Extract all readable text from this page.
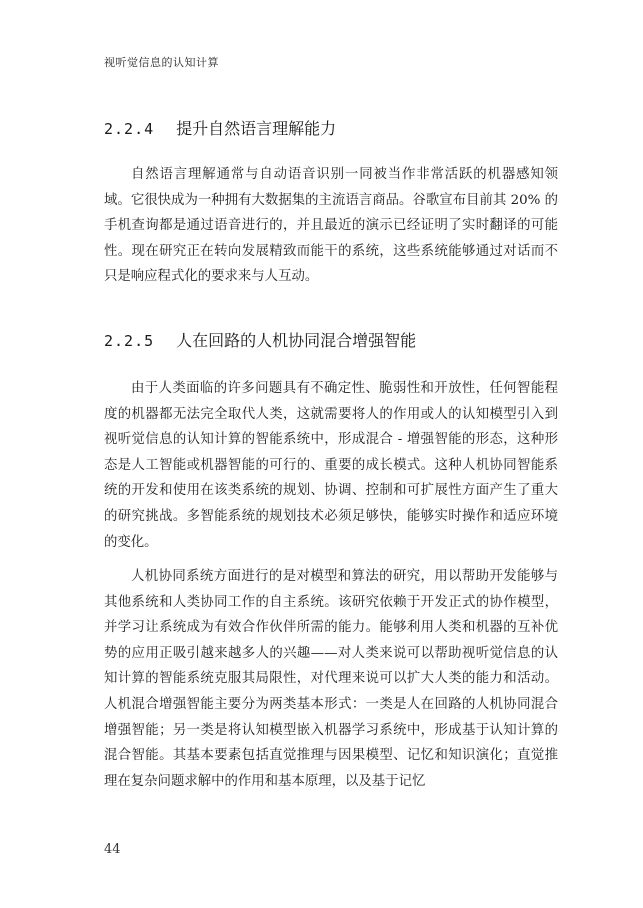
视听觉信息的认知计算
2.2.4 提升自然语言理解能力

自然语言理解通常与自动语音识别一同被当作非常活跃的机器感知领域。它很快成为一种拥有大数据集的主流语言商品。谷歌宣布目前其 20% 的手机查询都是通过语音进行的，并且最近的演示已经证明了实时翻译的可能性。现在研究正在转向发展精致而能干的系统，这些系统能够通过对话而不只是响应程式化的要求来与人互动。

2.2.5 人在回路的人机协同混合增强智能

由于人类面临的许多问题具有不确定性、脆弱性和开放性，任何智能程度的机器都无法完全取代人类，这就需要将人的作用或人的认知模型引入到视听觉信息的认知计算的智能系统中，形成混合 - 增强智能的形态，这种形态是人工智能或机器智能的可行的、重要的成长模式。这种人机协同智能系统的开发和使用在该类系统的规划、协调、控制和可扩展性方面产生了重大的研究挑战。多智能系统的规划技术必须足够快，能够实时操作和适应环境的变化。

人机协同系统方面进行的是对模型和算法的研究，用以帮助开发能够与其他系统和人类协同工作的自主系统。该研究依赖于开发正式的协作模型，并学习让系统成为有效合作伙伴所需的能力。能够利用人类和机器的互补优势的应用正吸引越来越多人的兴趣——对人类来说可以帮助视听觉信息的认知计算的智能系统克服其局限性，对代理来说可以扩大人类的能力和活动。人机混合增强智能主要分为两类基本形式：一类是人在回路的人机协同混合增强智能；另一类是将认知模型嵌入机器学习系统中，形成基于认知计算的混合智能。其基本要素包括直觉推理与因果模型、记忆和知识演化；直觉推理在复杂问题求解中的作用和基本原理，以及基于记忆

44
